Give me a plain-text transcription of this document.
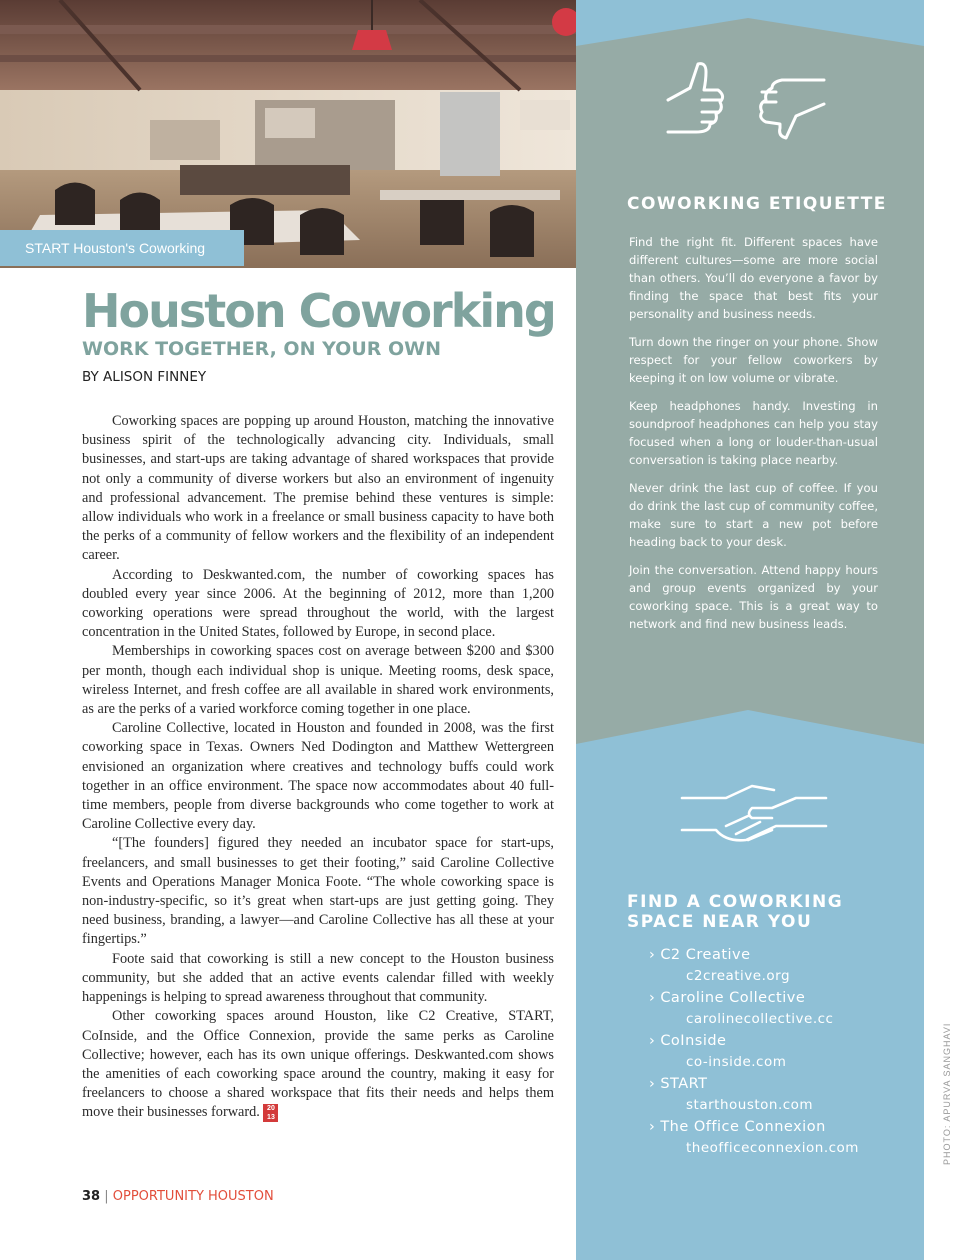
START Houston's Coworking Space
COWORKING ETIQUETTE

Find the right fit. Different spaces have different cultures—some are more social than others. You’ll do everyone a favor by finding the space that best fits your personality and business needs.

Turn down the ringer on your phone. Show respect for your fellow coworkers by keeping it on low volume or vibrate.

Keep headphones handy. Investing in soundproof headphones can help you stay focused when a long or louder-than-usual conversation is taking place nearby.

Never drink the last cup of coffee. If you do drink the last cup of community coffee, make sure to start a new pot before heading back to your desk.

Join the conversation. Attend happy hours and group events organized by your coworking space. This is a great way to network and find new business leads.

FIND A COWORKING
SPACE NEAR YOU
› C2 Creative
c2creative.org
› Caroline Collective
carolinecollective.cc
› CoInside
co-inside.com
› START
starthouston.com
› The Office Connexion
theofficeconnexion.com	PHOTO: APURVA SANGHAVI
Houston Coworking
WORK TOGETHER, ON YOUR OWN

BY ALISON FINNEY

Coworking spaces are popping up around Houston, matching the innovative business spirit of the technologically advancing city. Individuals, small businesses, and start-ups are taking advantage of shared workspaces that provide not only a community of diverse workers but also an environment of ingenuity and professional advancement. The premise behind these ventures is simple: allow individuals who work in a freelance or small business capacity to have both the perks of a community of fellow workers and the flexibility of an independent career.

According to Deskwanted.com, the number of coworking spaces has doubled every year since 2006. At the beginning of 2012, more than 1,200 coworking operations were spread throughout the world, with the largest concentration in the United States, followed by Europe, in second place.

Memberships in coworking spaces cost on average between $200 and $300 per month, though each individual shop is unique. Meeting rooms, desk space, wireless Internet, and fresh coffee are all available in shared work environments, as are the perks of a varied workforce coming together in one place.

Caroline Collective, located in Houston and founded in 2008, was the first coworking space in Texas. Owners Ned Dodington and Matthew Wettergreen envisioned an organization where creatives and technology buffs could work together in an office environment. The space now accommodates about 40 full-time members, people from diverse backgrounds who come together to work at Caroline Collective every day.

“[The founders] figured they needed an incubator space for start-ups, freelancers, and small businesses to get their footing,” said Caroline Collective Events and Operations Manager Monica Foote. “The whole coworking space is non-industry-specific, so it’s great when start-ups are just getting going. They need business, branding, a lawyer—and Caroline Collective has all these at your fingertips.”

Foote said that coworking is still a new concept to the Houston business community, but she added that an active events calendar filled with weekly happenings is helping to spread awareness throughout that community.

Other coworking spaces around Houston, like C2 Creative, START, CoInside, and the Office Connexion, provide the same perks as Caroline Collective; however, each has its own unique offerings. Deskwanted.com shows the amenities of each coworking space around the country, making it easy for freelancers to choose a shared workspace that fits their needs and helps them move their businesses forward. 20
13

38 | OPPORTUNITY HOUSTON
